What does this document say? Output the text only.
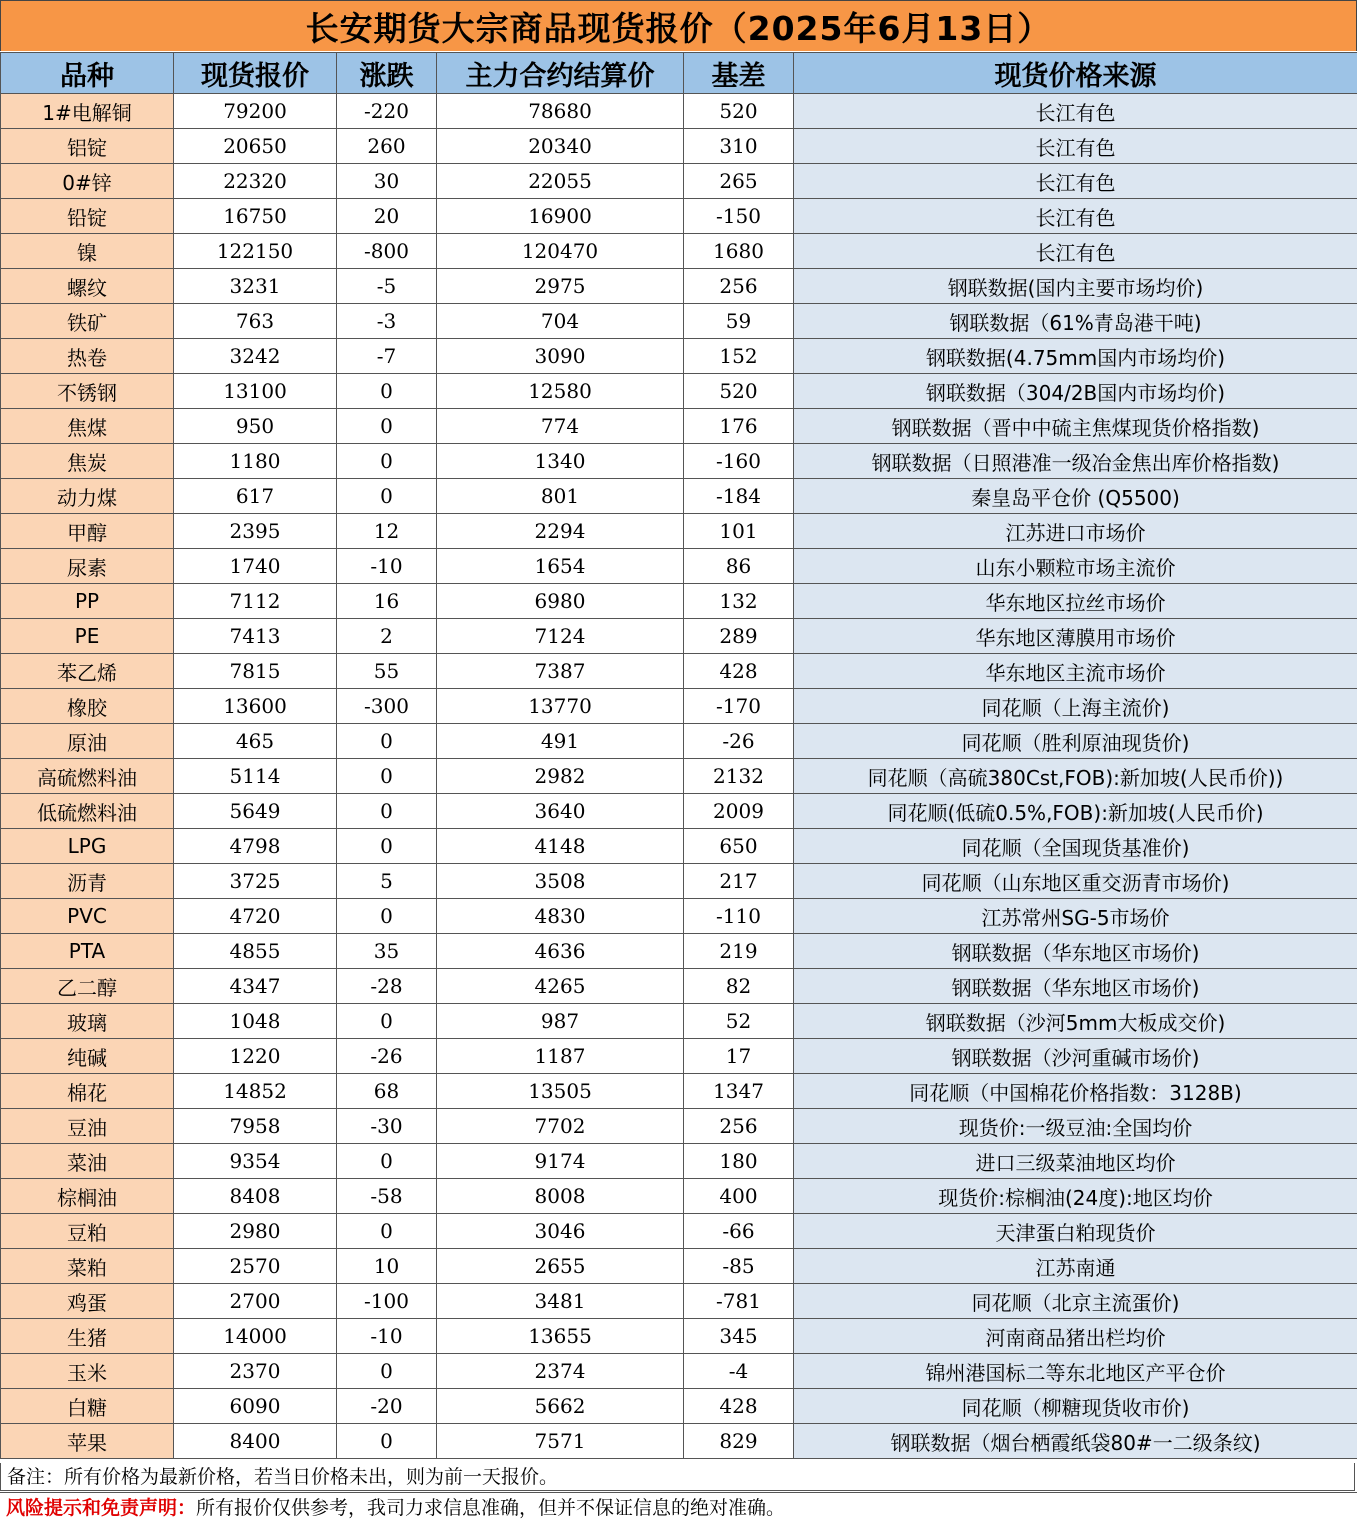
长安期货大宗商品现货报价（2025年6月13日）
品种	现货报价	涨跌	主力合约结算价	基差	现货价格来源
1#电解铜	79200	-220	78680	520	长江有色
铝锭	20650	260	20340	310	长江有色
0#锌	22320	30	22055	265	长江有色
铅锭	16750	20	16900	-150	长江有色
镍	122150	-800	120470	1680	长江有色
螺纹	3231	-5	2975	256	钢联数据(国内主要市场均价)
铁矿	763	-3	704	59	钢联数据（61%青岛港干吨)
热卷	3242	-7	3090	152	钢联数据(4.75mm国内市场均价)
不锈钢	13100	0	12580	520	钢联数据（304/2B国内市场均价)
焦煤	950	0	774	176	钢联数据（晋中中硫主焦煤现货价格指数)
焦炭	1180	0	1340	-160	钢联数据（日照港准一级冶金焦出库价格指数)
动力煤	617	0	801	-184	秦皇岛平仓价 (Q5500)
甲醇	2395	12	2294	101	江苏进口市场价
尿素	1740	-10	1654	86	山东小颗粒市场主流价
PP	7112	16	6980	132	华东地区拉丝市场价
PE	7413	2	7124	289	华东地区薄膜用市场价
苯乙烯	7815	55	7387	428	华东地区主流市场价
橡胶	13600	-300	13770	-170	同花顺（上海主流价)
原油	465	0	491	-26	同花顺（胜利原油现货价)
高硫燃料油	5114	0	2982	2132	同花顺（高硫380Cst,FOB):新加坡(人民币价))
低硫燃料油	5649	0	3640	2009	同花顺(低硫0.5%,FOB):新加坡(人民币价)
LPG	4798	0	4148	650	同花顺（全国现货基准价)
沥青	3725	5	3508	217	同花顺（山东地区重交沥青市场价)
PVC	4720	0	4830	-110	江苏常州SG-5市场价
PTA	4855	35	4636	219	钢联数据（华东地区市场价)
乙二醇	4347	-28	4265	82	钢联数据（华东地区市场价)
玻璃	1048	0	987	52	钢联数据（沙河5mm大板成交价)
纯碱	1220	-26	1187	17	钢联数据（沙河重碱市场价)
棉花	14852	68	13505	1347	同花顺（中国棉花价格指数：3128B)
豆油	7958	-30	7702	256	现货价:一级豆油:全国均价
菜油	9354	0	9174	180	进口三级菜油地区均价
棕榈油	8408	-58	8008	400	现货价:棕榈油(24度):地区均价
豆粕	2980	0	3046	-66	天津蛋白粕现货价
菜粕	2570	10	2655	-85	江苏南通
鸡蛋	2700	-100	3481	-781	同花顺（北京主流蛋价)
生猪	14000	-10	13655	345	河南商品猪出栏均价
玉米	2370	0	2374	-4	锦州港国标二等东北地区产平仓价
白糖	6090	-20	5662	428	同花顺（柳糖现货收市价)
苹果	8400	0	7571	829	钢联数据（烟台栖霞纸袋80#一二级条纹)
备注：所有价格为最新价格，若当日价格未出，则为前一天报价。
风险提示和免责声明：所有报价仅供参考，我司力求信息准确，但并不保证信息的绝对准确。
